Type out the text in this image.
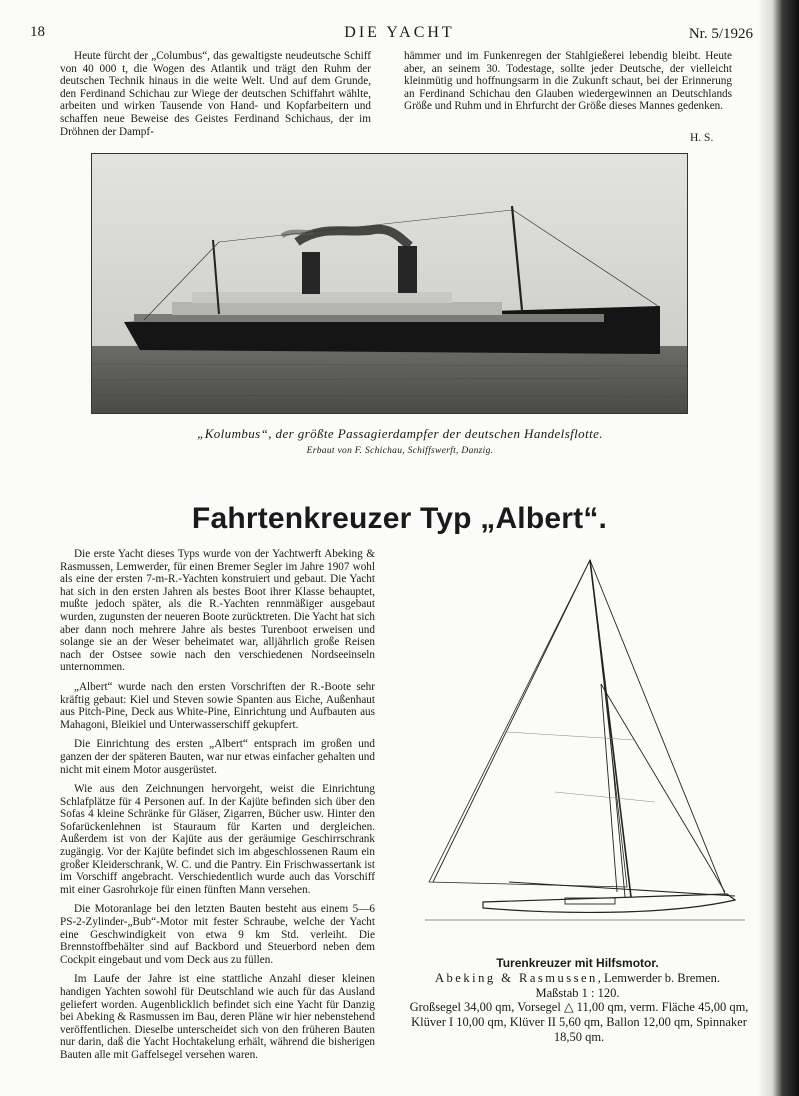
18	DIE YACHT	Nr. 5/1926

Heute fürcht der „Columbus“, das gewaltigste neudeutsche Schiff von 40 000 t, die Wogen des Atlantik und trägt den Ruhm der deutschen Technik hinaus in die weite Welt. Und auf dem Grunde, den Ferdinand Schichau zur Wiege der deutschen Schiffahrt wählte, arbeiten und wirken Tausende von Hand- und Kopfarbeitern und schaffen neue Beweise des Geistes Ferdinand Schichaus, der im Dröhnen der Dampf-

hämmer und im Funkenregen der Stahlgießerei lebendig bleibt. Heute aber, an seinem 30. Todestage, sollte jeder Deutsche, der vielleicht kleinmütig und hoffnungsarm in die Zukunft schaut, bei der Erinnerung an Ferdinand Schichau den Glauben wiedergewinnen an Deutschlands Größe und Ruhm und in Ehrfurcht der Größe dieses Mannes gedenken.

H. S.
„Kolumbus“, der größte Passagierdampfer der deutschen Handelsflotte.
Erbaut von F. Schichau, Schiffswerft, Danzig.
Fahrtenkreuzer Typ „Albert“.

Die erste Yacht dieses Typs wurde von der Yachtwerft Abeking & Rasmussen, Lemwerder, für einen Bremer Segler im Jahre 1907 wohl als eine der ersten 7-m-R.-Yachten konstruiert und gebaut. Die Yacht hat sich in den ersten Jahren als bestes Boot ihrer Klasse behauptet, mußte jedoch später, als die R.-Yachten rennmäßiger ausgebaut wurden, zugunsten der neueren Boote zurücktreten. Die Yacht hat sich aber dann noch mehrere Jahre als bestes Turenboot erweisen und solange sie an der Weser beheimatet war, alljährlich große Reisen nach der Ostsee sowie nach den verschiedenen Nordseeinseln unternommen.

„Albert“ wurde nach den ersten Vorschriften der R.-Boote sehr kräftig gebaut: Kiel und Steven sowie Spanten aus Eiche, Außenhaut aus Pitch-Pine, Deck aus White-Pine, Einrichtung und Aufbauten aus Mahagoni, Bleikiel und Unterwasserschiff gekupfert.

Die Einrichtung des ersten „Albert“ entsprach im großen und ganzen der der späteren Bauten, war nur etwas einfacher gehalten und nicht mit einem Motor ausgerüstet.

Wie aus den Zeichnungen hervorgeht, weist die Einrichtung Schlafplätze für 4 Personen auf. In der Kajüte befinden sich über den Sofas 4 kleine Schränke für Gläser, Zigarren, Bücher usw. Hinter den Sofarückenlehnen ist Stauraum für Karten und dergleichen. Außerdem ist von der Kajüte aus der geräumige Geschirrschrank zugängig. Vor der Kajüte befindet sich im abgeschlossenen Raum ein großer Kleiderschrank, W. C. und die Pantry. Ein Frischwassertank ist im Vorschiff angebracht. Verschiedentlich wurde auch das Vorschiff mit einer Gasrohrkoje für einen fünften Mann versehen.

Die Motoranlage bei den letzten Bauten besteht aus einem 5—6 PS-2-Zylinder-„Bub“-Motor mit fester Schraube, welche der Yacht eine Geschwindigkeit von etwa 9 km Std. verleiht. Die Brennstoffbehälter sind auf Backbord und Steuerbord neben dem Cockpit eingebaut und vom Deck aus zu füllen.

Im Laufe der Jahre ist eine stattliche Anzahl dieser kleinen handigen Yachten sowohl für Deutschland wie auch für das Ausland geliefert worden. Augenblicklich befindet sich eine Yacht für Danzig bei Abeking & Rasmussen im Bau, deren Pläne wir hier nebenstehend veröffentlichen. Dieselbe unterscheidet sich von den früheren Bauten nur darin, daß die Yacht Hochtakelung erhält, während die bisherigen Bauten alle mit Gaffelsegel versehen waren.

Turenkreuzer mit Hilfsmotor.
Abeking & Rasmussen, Lemwerder b. Bremen.
Maßstab 1 : 120.
Großsegel 34,00 qm, Vorsegel △ 11,00 qm, verm. Fläche 45,00 qm, Klüver I 10,00 qm, Klüver II 5,60 qm, Ballon 12,00 qm, Spinnaker 18,50 qm.
